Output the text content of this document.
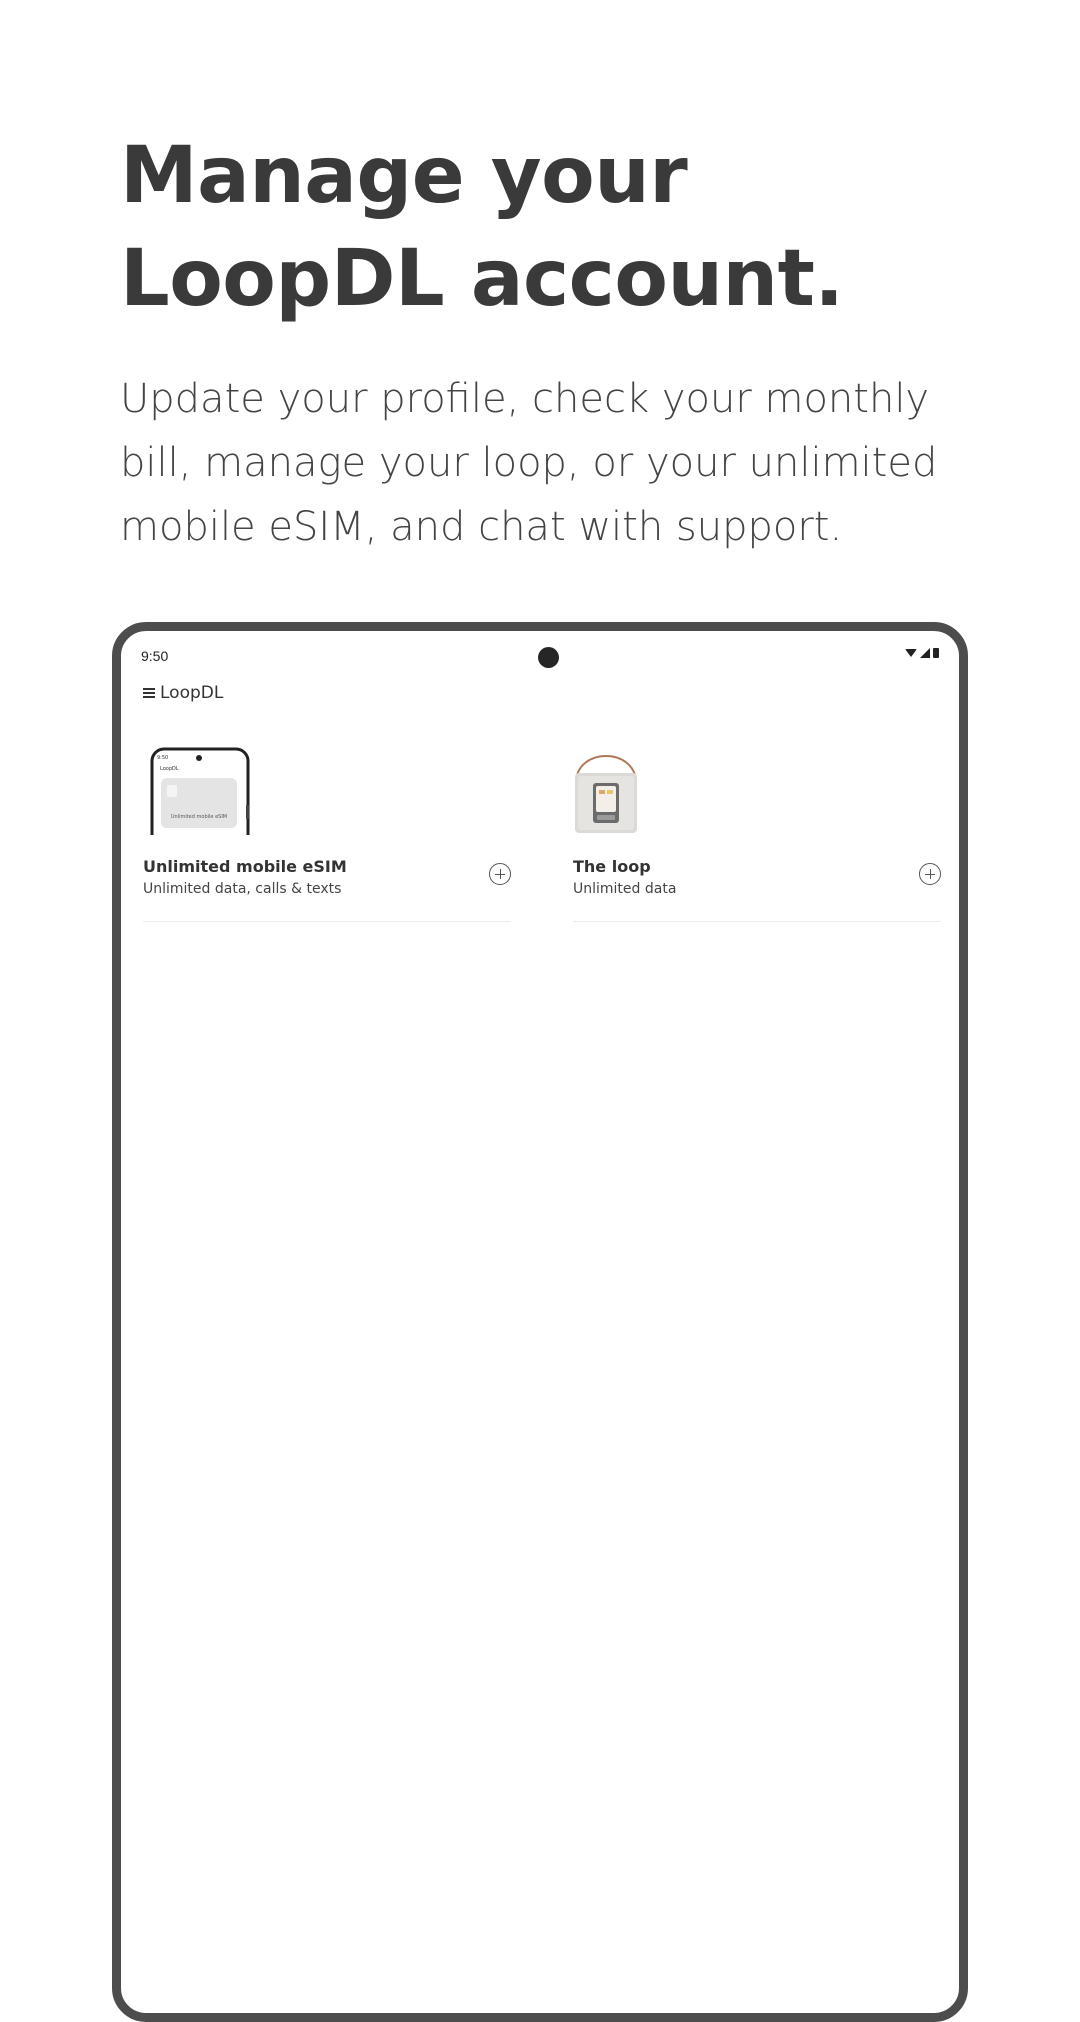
Manage your LoopDL account.

Update your profile, check your monthly bill, manage your loop, or your unlimited mobile eSIM, and chat with support.

9:50
LoopDL
9:50
LoopDL
Unlimited mobile eSIM
Unlimited mobile eSIM
Unlimited data, calls & texts
The loop
Unlimited data
